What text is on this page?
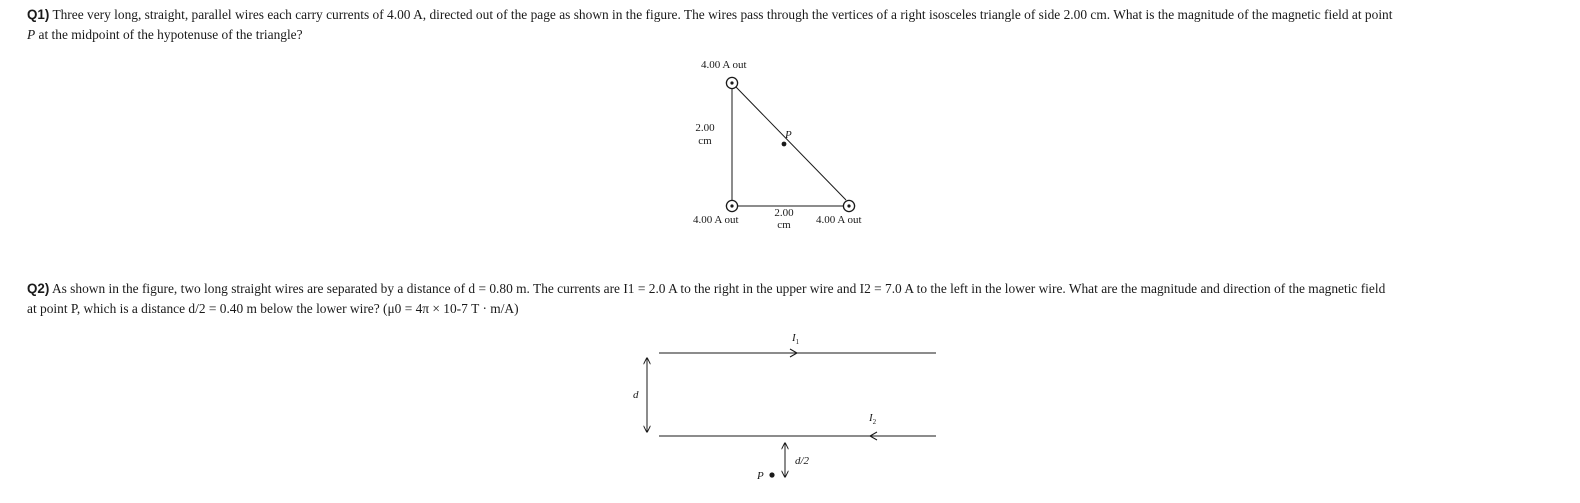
Q1) Three very long, straight, parallel wires each carry currents of 4.00 A, directed out of the page as shown in the figure. The wires pass through the vertices of a right isosceles triangle of side 2.00 cm. What is the magnitude of the magnetic field at point
P at the midpoint of the hypotenuse of the triangle?
Q2) As shown in the figure, two long straight wires are separated by a distance of d = 0.80 m. The currents are I1 = 2.0 A to the right in the upper wire and I2 = 7.0 A to the left in the lower wire. What are the magnitude and direction of the magnetic field
at point P, which is a distance d/2 = 0.40 m below the lower wire? (μ0 = 4π × 10-7 T · m/A)
P
4.00 A out
4.00 A out	4.00 A out
2.00
cm
2.00
cm
$I_1$
$I_2$
d
d/2
P
